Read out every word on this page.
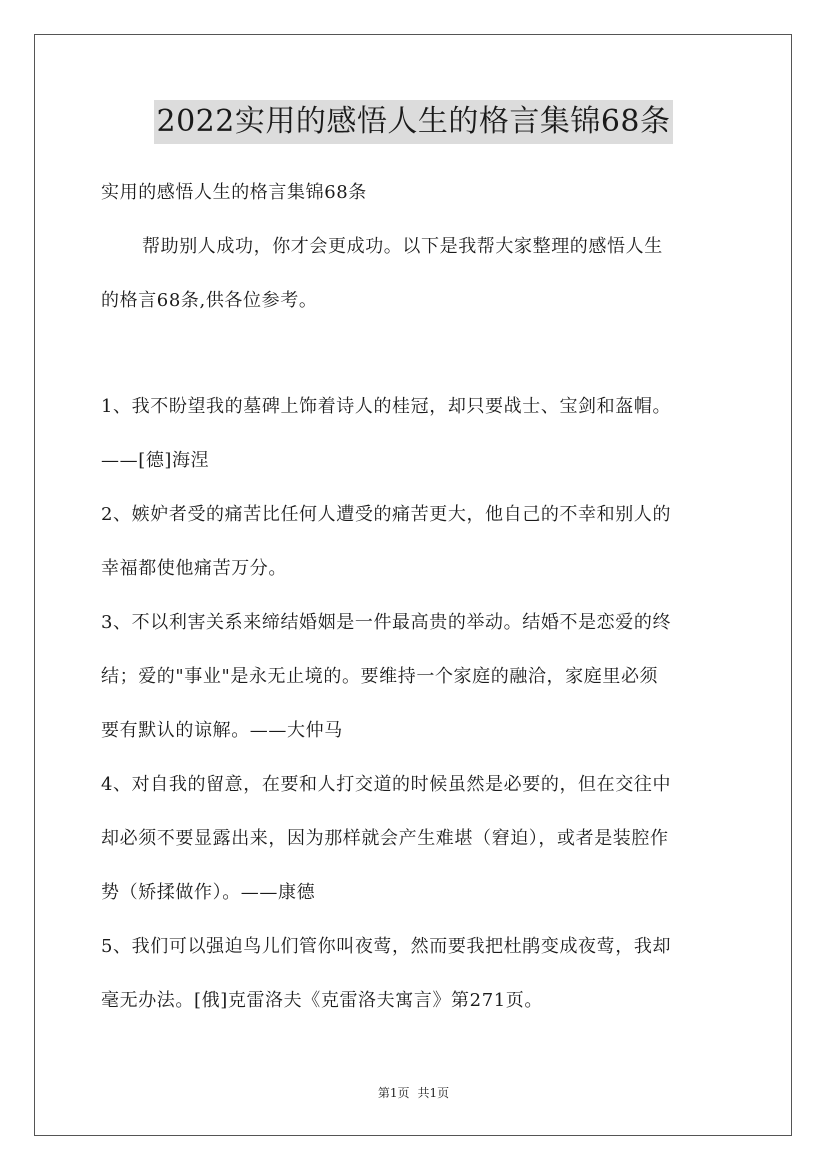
2022实用的感悟人生的格言集锦68条
实用的感悟人生的格言集锦68条
帮助别人成功，你才会更成功。以下是我帮大家整理的感悟人生
的格言68条,供各位参考。
1、我不盼望我的墓碑上饰着诗人的桂冠，却只要战士、宝剑和盔帽。
——[德]海涅
2、嫉妒者受的痛苦比任何人遭受的痛苦更大，他自己的不幸和别人的
幸福都使他痛苦万分。
3、不以利害关系来缔结婚姻是一件最高贵的举动。结婚不是恋爱的终
结；爱的"事业"是永无止境的。要维持一个家庭的融洽，家庭里必须
要有默认的谅解。——大仲马
4、对自我的留意，在要和人打交道的时候虽然是必要的，但在交往中
却必须不要显露出来，因为那样就会产生难堪（窘迫），或者是装腔作
势（矫揉做作）。——康德
5、我们可以强迫鸟儿们管你叫夜莺，然而要我把杜鹃变成夜莺，我却
毫无办法。[俄]克雷洛夫《克雷洛夫寓言》第271页。
第1页 共1页
